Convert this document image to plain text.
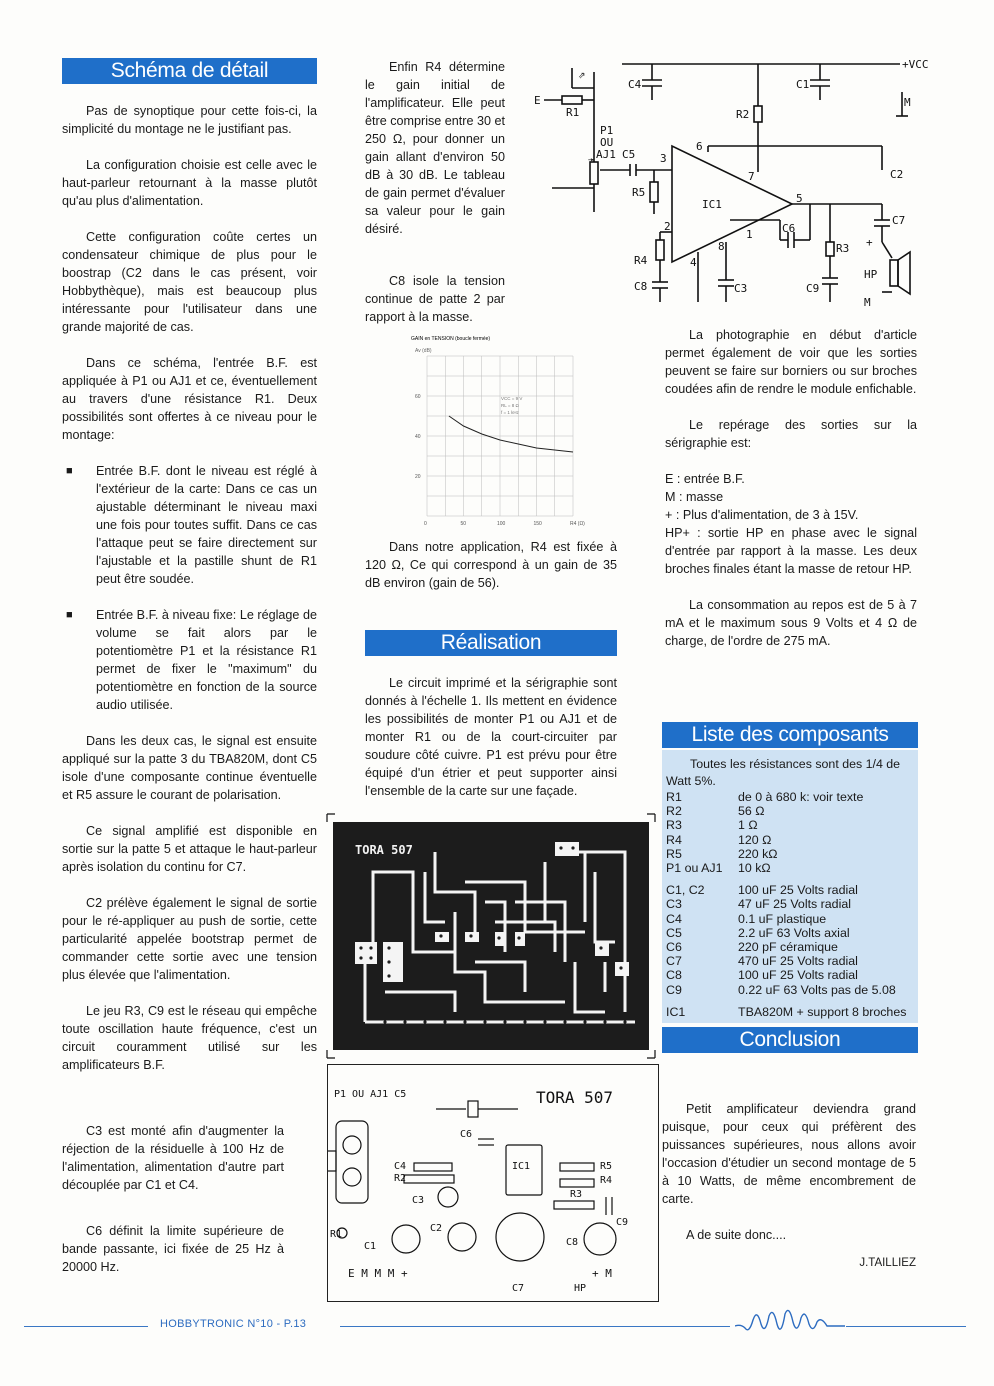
Schéma de détail

Pas de synoptique pour cette fois-ci, la simplicité du montage ne le justifiant pas.

La configuration choisie est celle avec le haut-parleur retournant à la masse plutôt qu'au plus d'alimentation.

Cette configuration coûte certes un condensateur chimique de plus pour le boostrap (C2 dans le cas présent, voir Hobbythèque), mais est beaucoup plus intéressante pour l'utilisateur dans une grande majorité de cas.

Dans ce schéma, l'entrée B.F. est appliquée à P1 ou AJ1 et ce, éventuellement au travers d'une résistance R1. Deux possibilités sont offertes à ce niveau pour le montage:

■ Entrée B.F. dont le niveau est réglé à l'extérieur de la carte: Dans ce cas un ajustable déterminant le niveau maxi une fois pour toutes suffit. Dans ce cas l'attaque peut se faire directement sur l'ajustable et la pastille shunt de R1 peut être soudée.
■ Entrée B.F. à niveau fixe: Le réglage de volume se fait alors par le potentiomètre P1 et la résistance R1 permet de fixer le "maximum" du potentiomètre en fonction de la source audio utilisée.

Dans les deux cas, le signal est ensuite appliqué sur la patte 3 du TBA820M, dont C5 isole d'une composante continue éventuelle et R5 assure le courant de polarisation.

Ce signal amplifié est disponible en sortie sur la patte 5 et attaque le haut-parleur après isolation du continu for C7.

C2 prélève également le signal de sortie pour le ré-appliquer au push de sortie, cette particularité appelée bootstrap permet de commander cette sortie avec une tension plus élevée que l'alimentation.

Le jeu R3, C9 est le réseau qui empêche toute oscillation haute fréquence, c'est un circuit couramment utilisé sur les amplificateurs B.F.

C3 est monté afin d'augmenter la réjection de la résiduelle à 100 Hz de l'alimentation, alimentation d'autre part découplée par C1 et C4.

C6 définit la limite supérieure de bande passante, ici fixée de 25 Hz à 20000 Hz.

Enfin R4 détermine le gain initial de l'amplificateur. Elle peut être comprise entre 30 et 250 Ω, pour donner un gain allant d'environ 50 dB à 30 dB. Le tableau de gain permet d'évaluer sa valeur pour le gain désiré.

C8 isole la tension continue de patte 2 par rapport à la masse.

GAIN en TENSION (boucle fermée)
Av (dB)
0	50	100	150	R4 (Ω)
60
40
20
VCC = 9 V
RL = 8 Ω
f = 1 kHz

Dans notre application, R4 est fixée à 120 Ω, Ce qui correspond à un gain de 35 dB environ (gain de 56).

Réalisation

Le circuit imprimé et la sérigraphie sont donnés à l'échelle 1. Ils mettent en évidence les possibilités de monter P1 ou AJ1 et de monter R1 ou de la court-circuiter par soudure côté cuivre. P1 est prévu pour être équipé d'un étrier et peut supporter ainsi l'ensemble de la carte sur une façade.

+VCC
C4	C1
R2
M
E
R1
P1
OU
AJ1 C5 3
6
7
5
IC1
R5
C2
C6
C7
2
4
1
8	R3
R4
C8	C3	C9
HP
M
+
⇗
➛

La photographie en début d'article permet également de voir que les sorties peuvent se faire sur borniers ou sur broches coudées afin de rendre le module enfichable.

Le repérage des sorties sur la sérigraphie est:

E : entrée B.F.
M : masse
+ : Plus d'alimentation, de 3 à 15V.
HP+ : sortie HP en phase avec le signal d'entrée par rapport à la masse. Les deux broches finales étant la masse de retour HP.

La consommation au repos est de 5 à 7 mA et le maximum sous 9 Volts et 4 Ω de charge, de l'ordre de 275 mA.

Liste des composants
Toutes les résistances sont des 1/4 de Watt 5%.
R1	de 0 à 680 k: voir texte
R2	56 Ω
R3	1 Ω
R4	120 Ω
R5	220 kΩ
P1 ou AJ1	10 kΩ
C1, C2	100 uF 25 Volts radial
C3	47 uF 25 Volts radial
C4	0.1 uF plastique
C5	2.2 uF 63 Volts axial
C6	220 pF céramique
C7	470 uF 25 Volts radial
C8	100 uF 25 Volts radial
C9	0.22 uF 63 Volts pas de 5.08
IC1	TBA820M + support 8 broches
Conclusion

Petit amplificateur deviendra grand puisque, pour ceux qui préfèrent des puissances supérieures, nous allons avoir l'occasion d'étudier un second montage de 5 à 10 Watts, de même encombrement de carte.

A de suite donc....

J.TAILLIEZ
TORA 507
P1 OU AJ1 C5	TORA 507
C6
C4
R2
IC1	R5
R4
R3
C9
C3
C2
R1
C1	C8
C7
E M M M +	+ M
HP
HOBBYTRONIC N°10 - P.13
